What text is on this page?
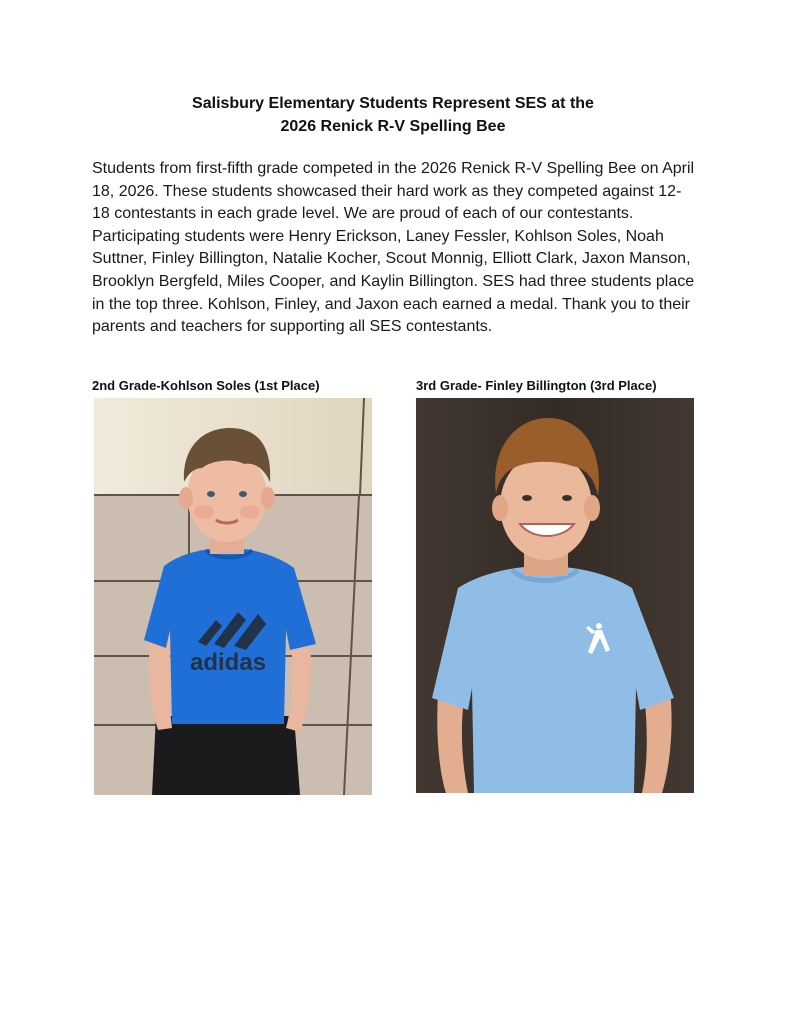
Salisbury Elementary Students Represent SES at the
2026 Renick R-V Spelling Bee
Students from first-fifth grade competed in the 2026 Renick R-V Spelling Bee on April 18, 2026. These students showcased their hard work as they competed against 12-18 contestants in each grade level. We are proud of each of our contestants. Participating students were Henry Erickson, Laney Fessler, Kohlson Soles, Noah Suttner, Finley Billington, Natalie Kocher, Scout Monnig, Elliott Clark, Jaxon Manson, Brooklyn Bergfeld, Miles Cooper, and Kaylin Billington. SES had three students place in the top three. Kohlson, Finley, and Jaxon each earned a medal. Thank you to their parents and teachers for supporting all SES contestants.
2nd Grade-Kohlson Soles (1st Place)	3rd Grade- Finley Billington (3rd Place)
adidas
